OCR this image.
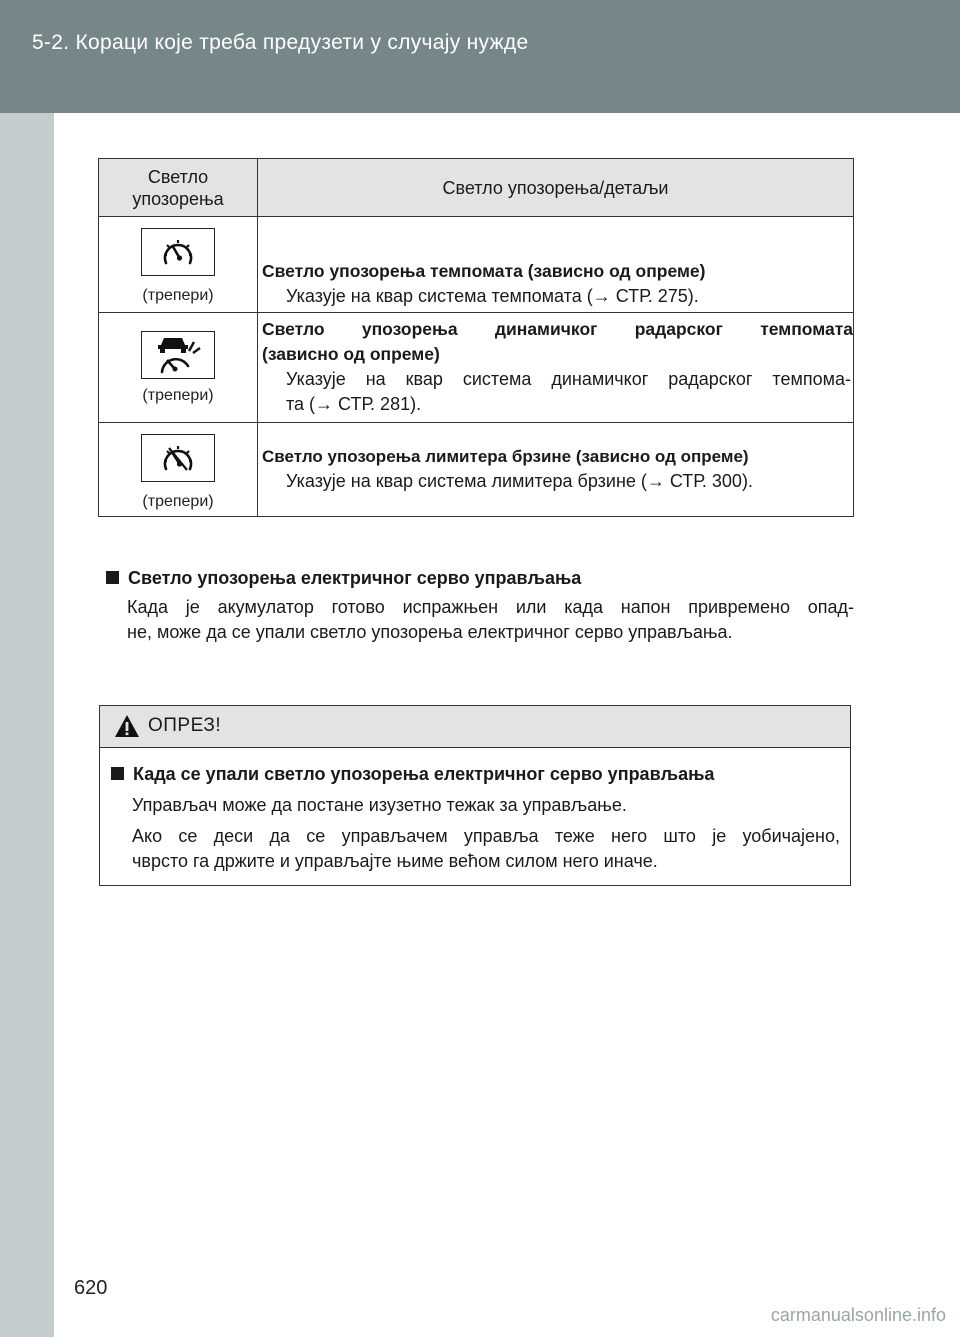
5-2. Кораци које треба предузети у случају нужде
Светло упозорења	Светло упозорења/детаљи

(трепери)	Светло упозорења темпомата (зависно од опреме)
Указује на квар система темпомата (→ СТР. 275).

(трепери)	Светло упозорења динамичког радарског темпомата
(зависно од опреме)
Указује на квар система динамичког радарског темпома-
та (→ СТР. 281).

(трепери)	Светло упозорења лимитера брзине (зависно од опреме)
Указује на квар система лимитера брзине (→ СТР. 300).
Светло упозорења електричног серво управљања
Када је акумулатор готово испражњен или када напон привремено опад-
не, може да се упали светло упозорења електричног серво управљања.
ОПРЕЗ!
Када се упали светло упозорења електричног серво управљања
Управљач може да постане изузетно тежак за управљање.
Ако се деси да се управљачем управља теже него што је уобичајено,
чврсто га држите и управљајте њиме већом силом него иначе.
620
carmanualsonline.info
